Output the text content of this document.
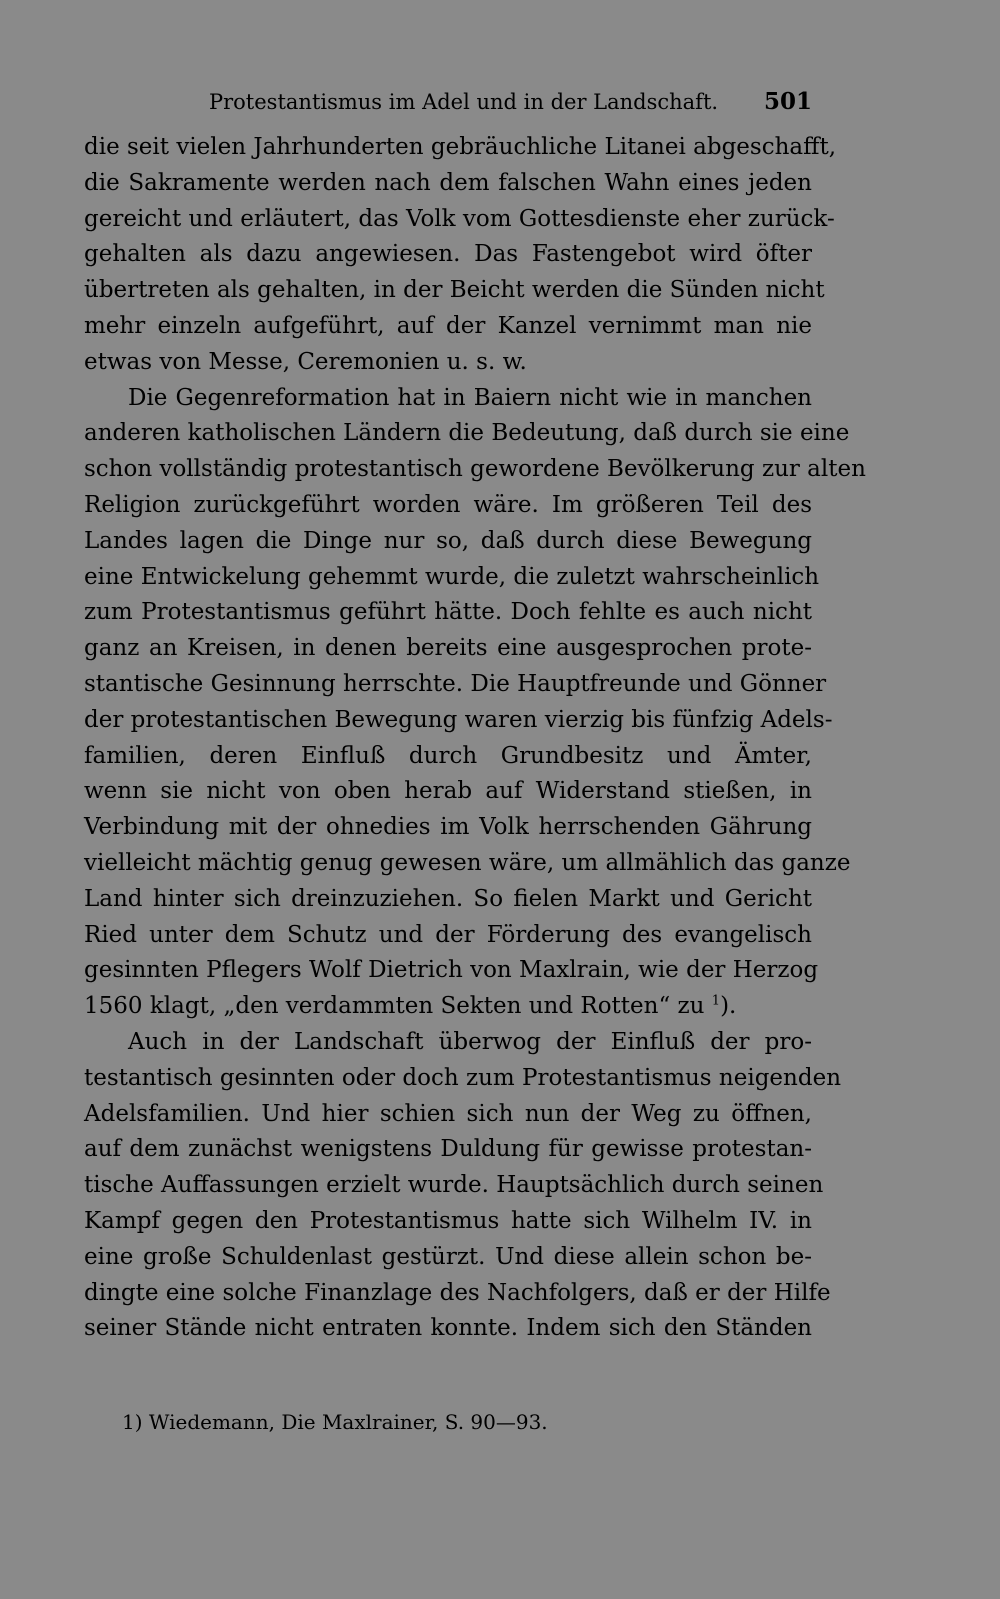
Protestantismus im Adel und in der Landschaft. 501
die seit vielen Jahrhunderten gebräuchliche Litanei abgeschafft,
die Sakramente werden nach dem falschen Wahn eines jeden
gereicht und erläutert, das Volk vom Gottesdienste eher zurück-
gehalten als dazu angewiesen. Das Fastengebot wird öfter
übertreten als gehalten, in der Beicht werden die Sünden nicht
mehr einzeln aufgeführt, auf der Kanzel vernimmt man nie
etwas von Messe, Ceremonien u. s. w.
Die Gegenreformation hat in Baiern nicht wie in manchen
anderen katholischen Ländern die Bedeutung, daß durch sie eine
schon vollständig protestantisch gewordene Bevölkerung zur alten
Religion zurückgeführt worden wäre. Im größeren Teil des
Landes lagen die Dinge nur so, daß durch diese Bewegung
eine Entwickelung gehemmt wurde, die zuletzt wahrscheinlich
zum Protestantismus geführt hätte. Doch fehlte es auch nicht
ganz an Kreisen, in denen bereits eine ausgesprochen prote-
stantische Gesinnung herrschte. Die Hauptfreunde und Gönner
der protestantischen Bewegung waren vierzig bis fünfzig Adels-
familien, deren Einfluß durch Grundbesitz und Ämter,
wenn sie nicht von oben herab auf Widerstand stießen, in
Verbindung mit der ohnedies im Volk herrschenden Gährung
vielleicht mächtig genug gewesen wäre, um allmählich das ganze
Land hinter sich dreinzuziehen. So fielen Markt und Gericht
Ried unter dem Schutz und der Förderung des evangelisch
gesinnten Pflegers Wolf Dietrich von Maxlrain, wie der Herzog
1560 klagt, „den verdammten Sekten und Rotten“ zu $^1$).
Auch in der Landschaft überwog der Einfluß der pro-
testantisch gesinnten oder doch zum Protestantismus neigenden
Adelsfamilien. Und hier schien sich nun der Weg zu öffnen,
auf dem zunächst wenigstens Duldung für gewisse protestan-
tische Auffassungen erzielt wurde. Hauptsächlich durch seinen
Kampf gegen den Protestantismus hatte sich Wilhelm IV. in
eine große Schuldenlast gestürzt. Und diese allein schon be-
dingte eine solche Finanzlage des Nachfolgers, daß er der Hilfe
seiner Stände nicht entraten konnte. Indem sich den Ständen
1) Wiedemann, Die Maxlrainer, S. 90—93.
